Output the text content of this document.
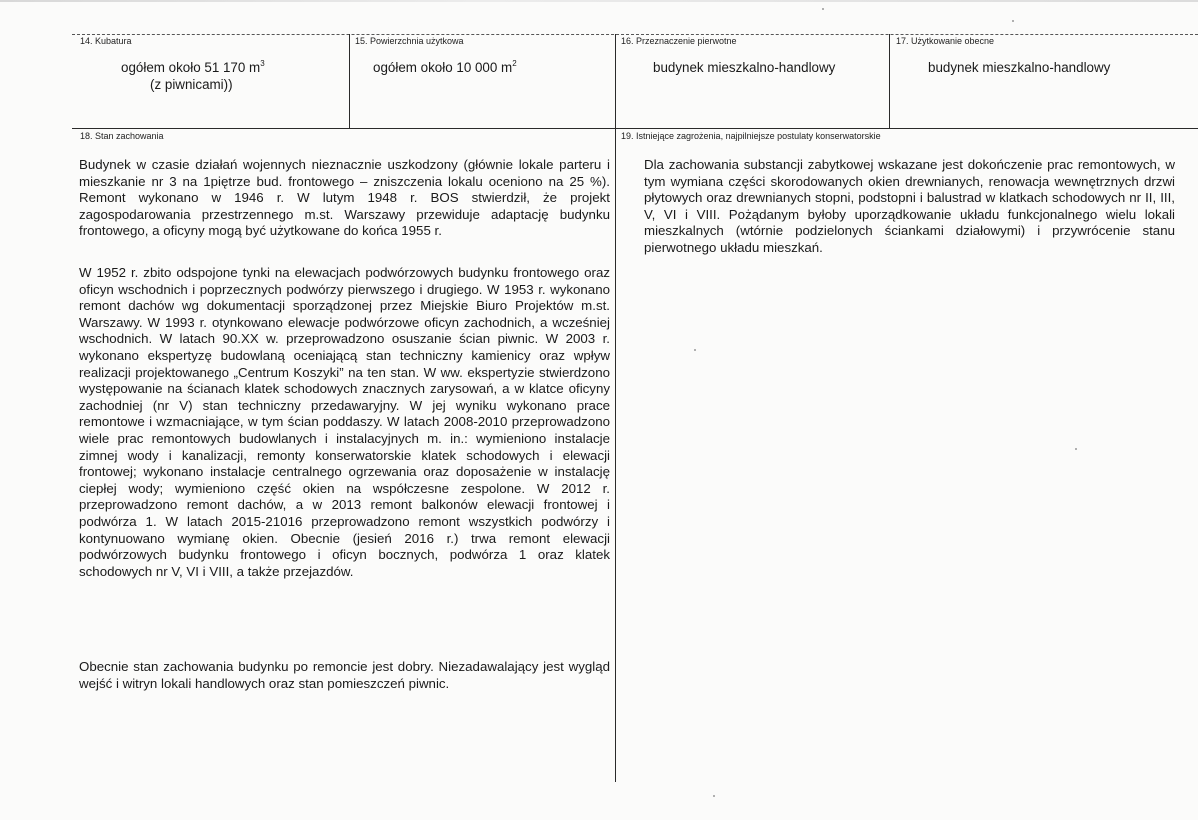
14. Kubatura
ogółem około 51 170 $m^3$
(z piwnicami))
15. Powierzchnia użytkowa
ogółem około 10 000 $m^2$
16. Przeznaczenie pierwotne
budynek mieszkalno-handlowy
17. Użytkowanie obecne
budynek mieszkalno-handlowy
18. Stan zachowania

Budynek w czasie działań wojennych nieznacznie uszkodzony (głównie lokale parteru i mieszkanie nr 3 na 1piętrze bud. frontowego – zniszczenia lokalu oceniono na 25 %). Remont wykonano w 1946 r. W lutym 1948 r. BOS stwierdził, że projekt zagospodarowania przestrzennego m.st. Warszawy przewiduje adaptację budynku frontowego, a oficyny mogą być użytkowane do końca 1955 r.

W 1952 r. zbito odspojone tynki na elewacjach podwórzowych budynku frontowego oraz oficyn wschodnich i poprzecznych podwórzy pierwszego i drugiego. W 1953 r. wykonano remont dachów wg dokumentacji sporządzonej przez Miejskie Biuro Projektów m.st. Warszawy. W 1993 r. otynkowano elewacje podwórzowe oficyn zachodnich, a wcześniej wschodnich. W latach 90.XX w. przeprowadzono osuszanie ścian piwnic. W 2003 r. wykonano ekspertyzę budowlaną oceniającą stan techniczny kamienicy oraz wpływ realizacji projektowanego „Centrum Koszyki” na ten stan. W ww. ekspertyzie stwierdzono występowanie na ścianach klatek schodowych znacznych zarysowań, a w klatce oficyny zachodniej (nr V) stan techniczny przedawaryjny. W jej wyniku wykonano prace remontowe i wzmacniające, w tym ścian poddaszy. W latach 2008-2010 przeprowadzono wiele prac remontowych budowlanych i instalacyjnych m. in.: wymieniono instalacje zimnej wody i kanalizacji, remonty konserwatorskie klatek schodowych i elewacji frontowej; wykonano instalacje centralnego ogrzewania oraz doposażenie w instalację ciepłej wody; wymieniono część okien na współczesne zespolone. W 2012 r. przeprowadzono remont dachów, a w 2013 remont balkonów elewacji frontowej i podwórza 1. W latach 2015-21016 przeprowadzono remont wszystkich podwórzy i kontynuowano wymianę okien. Obecnie (jesień 2016 r.) trwa remont elewacji podwórzowych budynku frontowego i oficyn bocznych, podwórza 1 oraz klatek schodowych nr V, VI i VIII, a także przejazdów.

Obecnie stan zachowania budynku po remoncie jest dobry. Niezadawalający jest wygląd wejść i witryn lokali handlowych oraz stan pomieszczeń piwnic.

19. Istniejące zagrożenia, najpilniejsze postulaty konserwatorskie

Dla zachowania substancji zabytkowej wskazane jest dokończenie prac remontowych, w tym wymiana części skorodowanych okien drewnianych, renowacja wewnętrznych drzwi płytowych oraz drewnianych stopni, podstopni i balustrad w klatkach schodowych nr II, III, V, VI i VIII. Pożądanym byłoby uporządkowanie układu funkcjonalnego wielu lokali mieszkalnych (wtórnie podzielonych ściankami działowymi) i przywrócenie stanu pierwotnego układu mieszkań.
